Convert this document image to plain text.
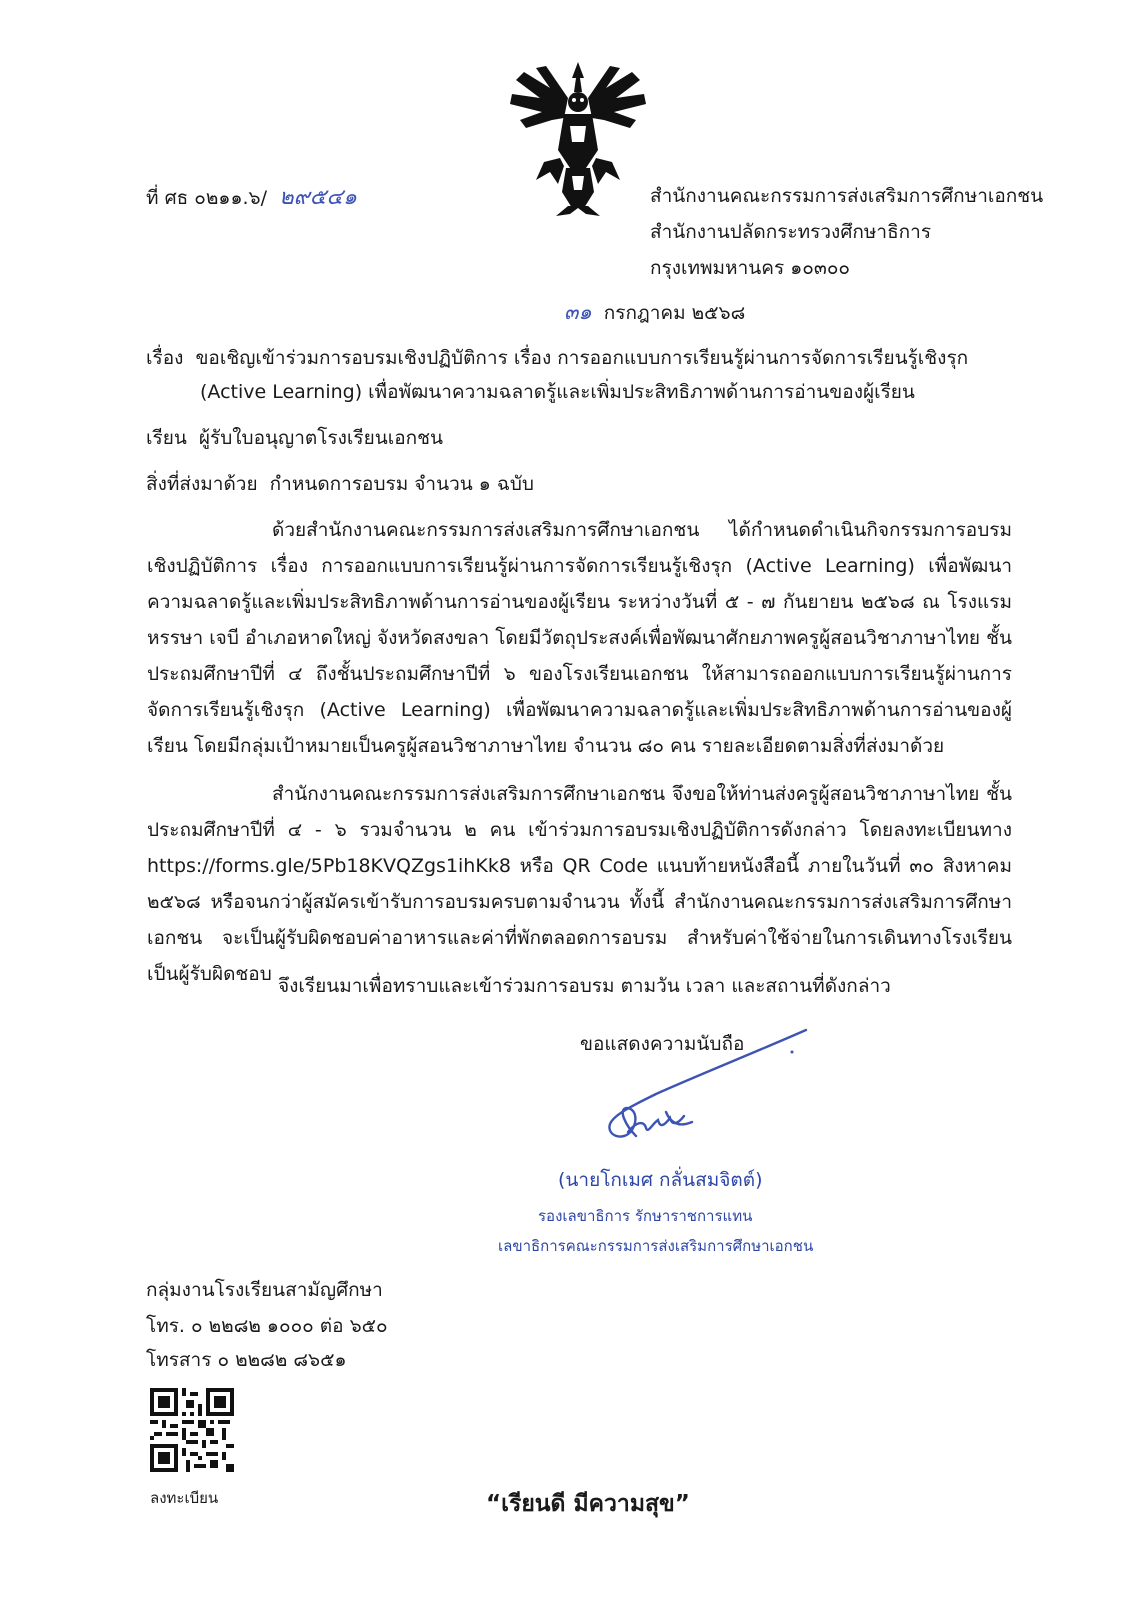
ที่ ศธ ๐๒๑๑.๖/ ๒๙๕๔๑	สำนักงานคณะกรรมการส่งเสริมการศึกษาเอกชน
สำนักงานปลัดกระทรวงศึกษาธิการ
กรุงเทพมหานคร ๑๐๓๐๐
๓๑ กรกฎาคม ๒๕๖๘
เรื่อง ขอเชิญเข้าร่วมการอบรมเชิงปฏิบัติการ เรื่อง การออกแบบการเรียนรู้ผ่านการจัดการเรียนรู้เชิงรุก
(Active Learning) เพื่อพัฒนาความฉลาดรู้และเพิ่มประสิทธิภาพด้านการอ่านของผู้เรียน
เรียน ผู้รับใบอนุญาตโรงเรียนเอกชน
สิ่งที่ส่งมาด้วย กำหนดการอบรม จำนวน ๑ ฉบับ
ด้วยสำนักงานคณะกรรมการส่งเสริมการศึกษาเอกชน ได้กำหนดดำเนินกิจกรรมการอบรมเชิงปฏิบัติการ เรื่อง การออกแบบการเรียนรู้ผ่านการจัดการเรียนรู้เชิงรุก (Active Learning) เพื่อพัฒนาความฉลาดรู้และเพิ่มประสิทธิภาพด้านการอ่านของผู้เรียน ระหว่างวันที่ ๕ - ๗ กันยายน ๒๕๖๘ ณ โรงแรมหรรษา เจบี อำเภอหาดใหญ่ จังหวัดสงขลา โดยมีวัตถุประสงค์เพื่อพัฒนาศักยภาพครูผู้สอนวิชาภาษาไทย ชั้นประถมศึกษาปีที่ ๔ ถึงชั้นประถมศึกษาปีที่ ๖ ของโรงเรียนเอกชน ให้สามารถออกแบบการเรียนรู้ผ่านการจัดการเรียนรู้เชิงรุก (Active Learning) เพื่อพัฒนาความฉลาดรู้และเพิ่มประสิทธิภาพด้านการอ่านของผู้เรียน โดยมีกลุ่มเป้าหมายเป็นครูผู้สอนวิชาภาษาไทย จำนวน ๘๐ คน รายละเอียดตามสิ่งที่ส่งมาด้วย
สำนักงานคณะกรรมการส่งเสริมการศึกษาเอกชน จึงขอให้ท่านส่งครูผู้สอนวิชาภาษาไทย ชั้นประถมศึกษาปีที่ ๔ - ๖ รวมจำนวน ๒ คน เข้าร่วมการอบรมเชิงปฏิบัติการดังกล่าว โดยลงทะเบียนทาง https://forms.gle/5Pb18KVQZgs1ihKk8 หรือ QR Code แนบท้ายหนังสือนี้ ภายในวันที่ ๓๐ สิงหาคม ๒๕๖๘ หรือจนกว่าผู้สมัครเข้ารับการอบรมครบตามจำนวน ทั้งนี้ สำนักงานคณะกรรมการส่งเสริมการศึกษาเอกชน จะเป็นผู้รับผิดชอบค่าอาหารและค่าที่พักตลอดการอบรม สำหรับค่าใช้จ่ายในการเดินทางโรงเรียนเป็นผู้รับผิดชอบ
จึงเรียนมาเพื่อทราบและเข้าร่วมการอบรม ตามวัน เวลา และสถานที่ดังกล่าว
ขอแสดงความนับถือ
(นายโกเมศ กลั่นสมจิตต์)
รองเลขาธิการ รักษาราชการแทน
เลขาธิการคณะกรรมการส่งเสริมการศึกษาเอกชน
กลุ่มงานโรงเรียนสามัญศึกษา
โทร. ๐ ๒๒๘๒ ๑๐๐๐ ต่อ ๖๕๐
โทรสาร ๐ ๒๒๘๒ ๘๖๕๑
ลงทะเบียน	“เรียนดี มีความสุข”
